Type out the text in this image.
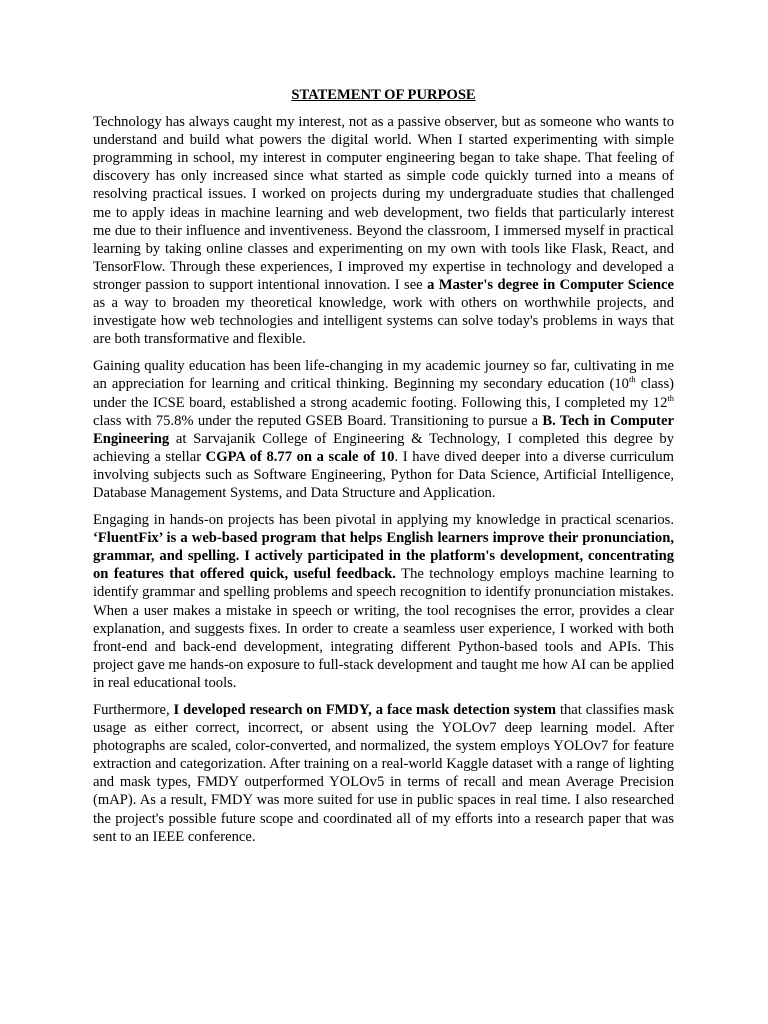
STATEMENT OF PURPOSE

Technology has always caught my interest, not as a passive observer, but as someone who wants to understand and build what powers the digital world. When I started experimenting with simple programming in school, my interest in computer engineering began to take shape. That feeling of discovery has only increased since what started as simple code quickly turned into a means of resolving practical issues. I worked on projects during my undergraduate studies that challenged me to apply ideas in machine learning and web development, two fields that particularly interest me due to their influence and inventiveness. Beyond the classroom, I immersed myself in practical learning by taking online classes and experimenting on my own with tools like Flask, React, and TensorFlow. Through these experiences, I improved my expertise in technology and developed a stronger passion to support intentional innovation. I see a Master's degree in Computer Science as a way to broaden my theoretical knowledge, work with others on worthwhile projects, and investigate how web technologies and intelligent systems can solve today's problems in ways that are both transformative and flexible.

Gaining quality education has been life-changing in my academic journey so far, cultivating in me an appreciation for learning and critical thinking. Beginning my secondary education (10th class) under the ICSE board, established a strong academic footing. Following this, I completed my 12th class with 75.8% under the reputed GSEB Board. Transitioning to pursue a B. Tech in Computer Engineering at Sarvajanik College of Engineering & Technology, I completed this degree by achieving a stellar CGPA of 8.77 on a scale of 10. I have dived deeper into a diverse curriculum involving subjects such as Software Engineering, Python for Data Science, Artificial Intelligence, Database Management Systems, and Data Structure and Application.

Engaging in hands-on projects has been pivotal in applying my knowledge in practical scenarios. ‘FluentFix’ is a web-based program that helps English learners improve their pronunciation, grammar, and spelling. I actively participated in the platform's development, concentrating on features that offered quick, useful feedback. The technology employs machine learning to identify grammar and spelling problems and speech recognition to identify pronunciation mistakes. When a user makes a mistake in speech or writing, the tool recognises the error, provides a clear explanation, and suggests fixes. In order to create a seamless user experience, I worked with both front-end and back-end development, integrating different Python-based tools and APIs. This project gave me hands-on exposure to full-stack development and taught me how AI can be applied in real educational tools.

Furthermore, I developed research on FMDY, a face mask detection system that classifies mask usage as either correct, incorrect, or absent using the YOLOv7 deep learning model. After photographs are scaled, color-converted, and normalized, the system employs YOLOv7 for feature extraction and categorization. After training on a real-world Kaggle dataset with a range of lighting and mask types, FMDY outperformed YOLOv5 in terms of recall and mean Average Precision (mAP). As a result, FMDY was more suited for use in public spaces in real time. I also researched the project's possible future scope and coordinated all of my efforts into a research paper that was sent to an IEEE conference.
